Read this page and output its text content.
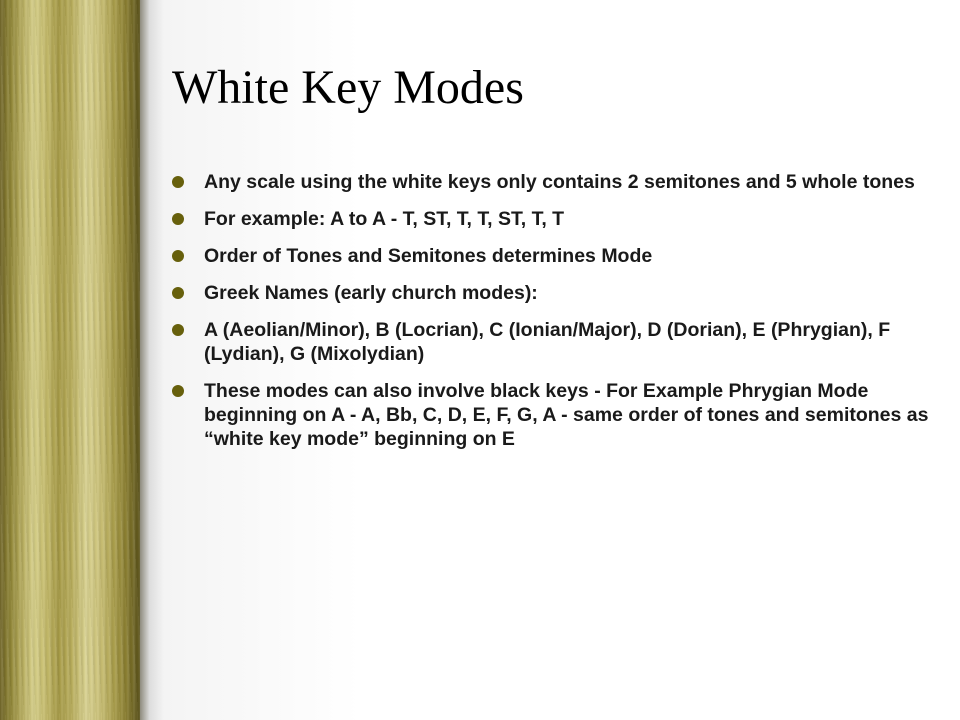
White Key Modes
Any scale using the white keys only contains 2 semitones and 5 whole tones
For example: A to A - T, ST, T, T, ST, T, T
Order of Tones and Semitones determines Mode
Greek Names (early church modes):
A (Aeolian/Minor), B (Locrian), C (Ionian/Major), D (Dorian), E (Phrygian), F (Lydian), G (Mixolydian)
These modes can also involve black keys - For Example Phrygian Mode beginning on A - A, Bb, C, D, E, F, G, A - same order of tones and semitones as “white key mode” beginning on E
